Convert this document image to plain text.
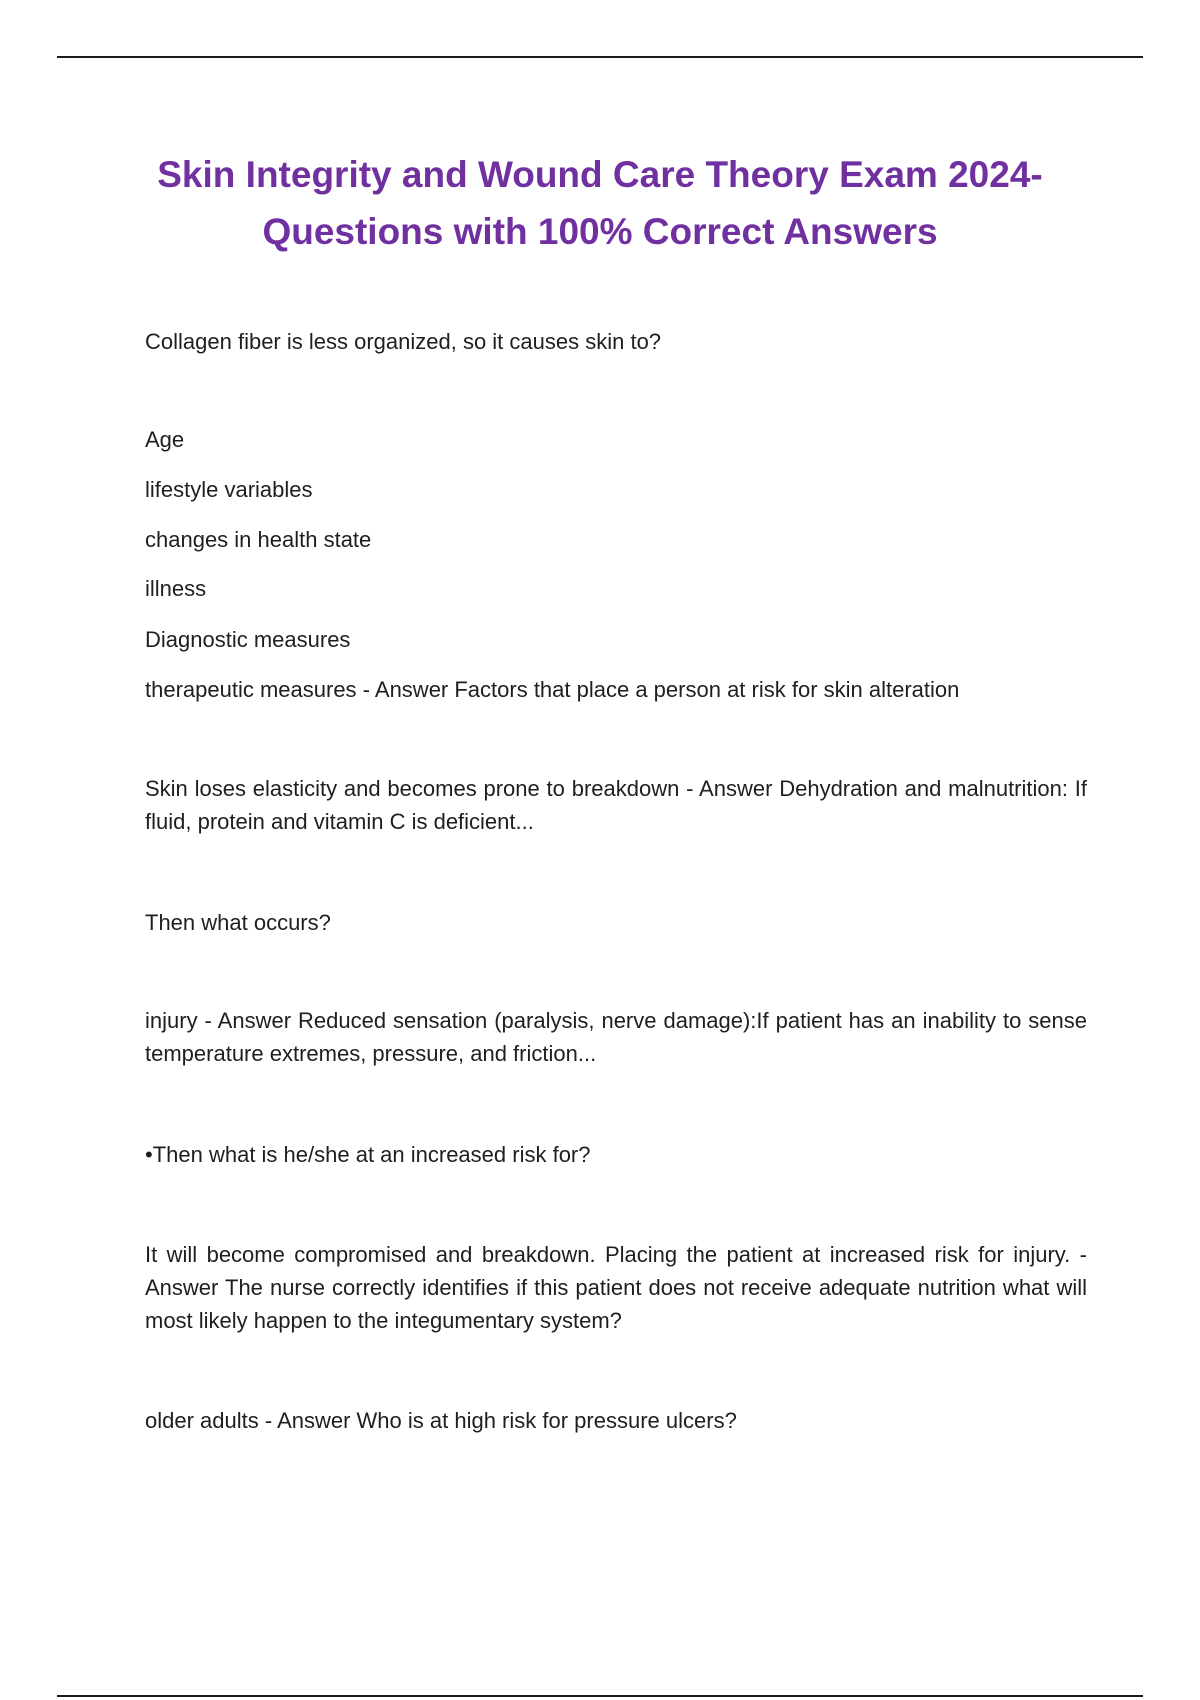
Skin Integrity and Wound Care Theory Exam 2024- Questions with 100% Correct Answers

Collagen fiber is less organized, so it causes skin to?

Age

lifestyle variables

changes in health state

illness

Diagnostic measures

therapeutic measures - Answer Factors that place a person at risk for skin alteration

Skin loses elasticity and becomes prone to breakdown - Answer Dehydration and malnutrition: If fluid, protein and vitamin C is deficient...

Then what occurs?

injury - Answer Reduced sensation (paralysis, nerve damage):If patient has an inability to sense temperature extremes, pressure, and friction...

•Then what is he/she at an increased risk for?

It will become compromised and breakdown. Placing the patient at increased risk for injury. - Answer The nurse correctly identifies if this patient does not receive adequate nutrition what will most likely happen to the integumentary system?

older adults - Answer Who is at high risk for pressure ulcers?
